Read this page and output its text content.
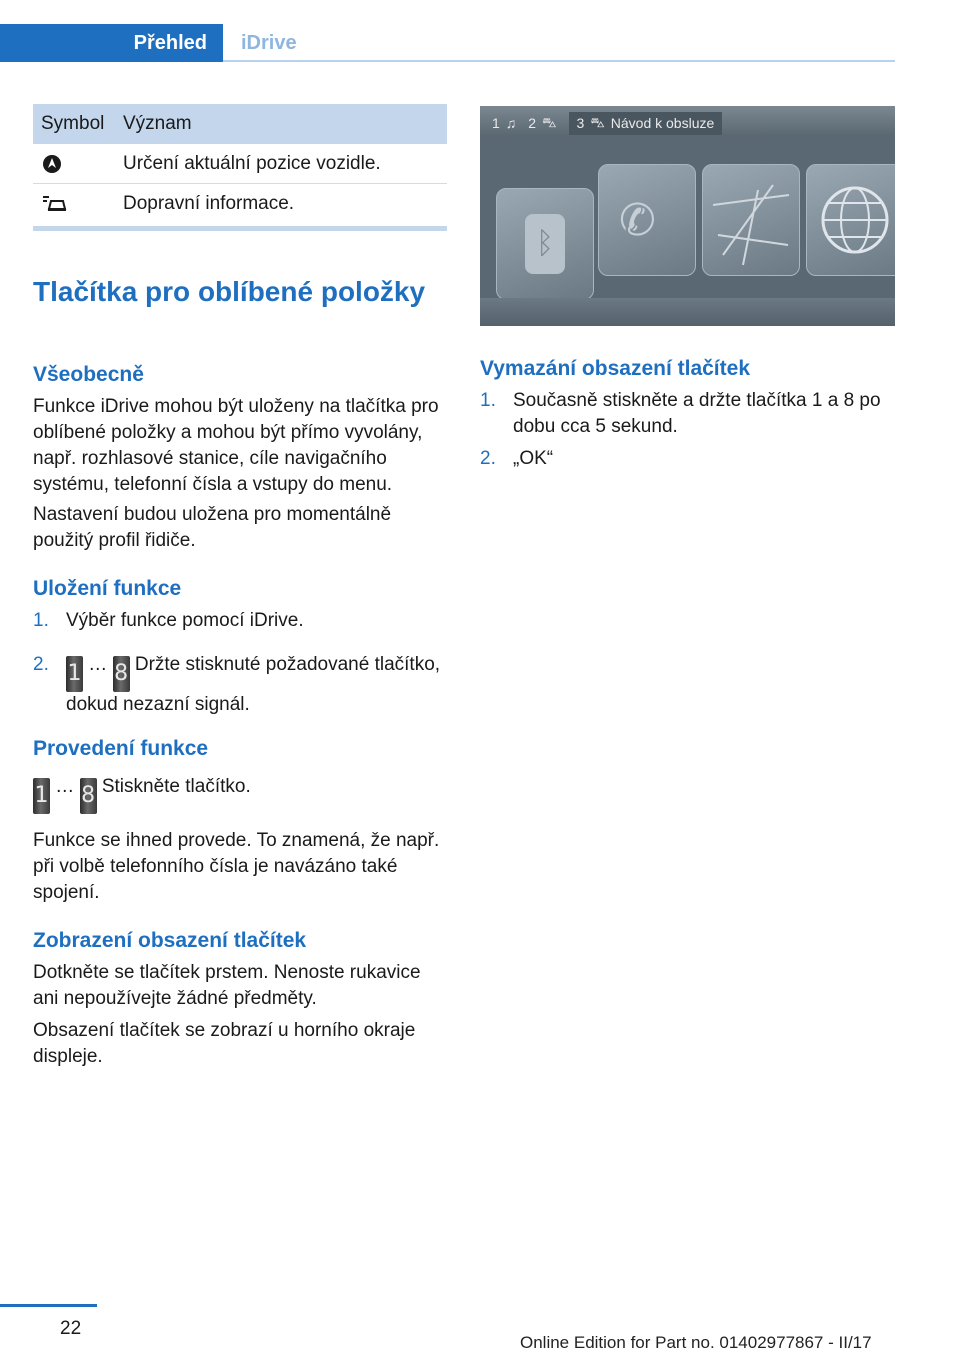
Přehled	iDrive
Symbol Význam
Určení aktuální pozice vozidle.
Dopravní informace.
Tlačítka pro oblíbené položky
Všeobecně

Funkce iDrive mohou být uloženy na tlačítka pro oblíbené položky a mohou být přímo vyvolány, např. rozhlasové stanice, cíle navigačního systému, telefonní čísla a vstupy do menu.

Nastavení budou uložena pro momentálně použitý profil řidiče.

Uložení funkce
1. Výběr funkce pomocí iDrive.
2. 1 … 8 Držte stisknuté požadované tlačítko, dokud nezazní signál.
Provedení funkce
1 … 8 Stiskněte tlačítko.

Funkce se ihned provede. To znamená, že např. při volbě telefonního čísla je navázáno také spojení.

Zobrazení obsazení tlačítek

Dotkněte se tlačítek prstem. Nenoste rukavice ani nepoužívejte žádné předměty.

Obsazení tlačítek se zobrazí u horního okraje displeje.

1 ♫ 2 ⛍ 3 ⛍ Návod k obsluze
ᛒ ✆
Vymazání obsazení tlačítek
1. Současně stiskněte a držte tlačítka 1 a 8 po dobu cca 5 sekund.
2. „OK“
22
Online Edition for Part no. 01402977867 - II/17
